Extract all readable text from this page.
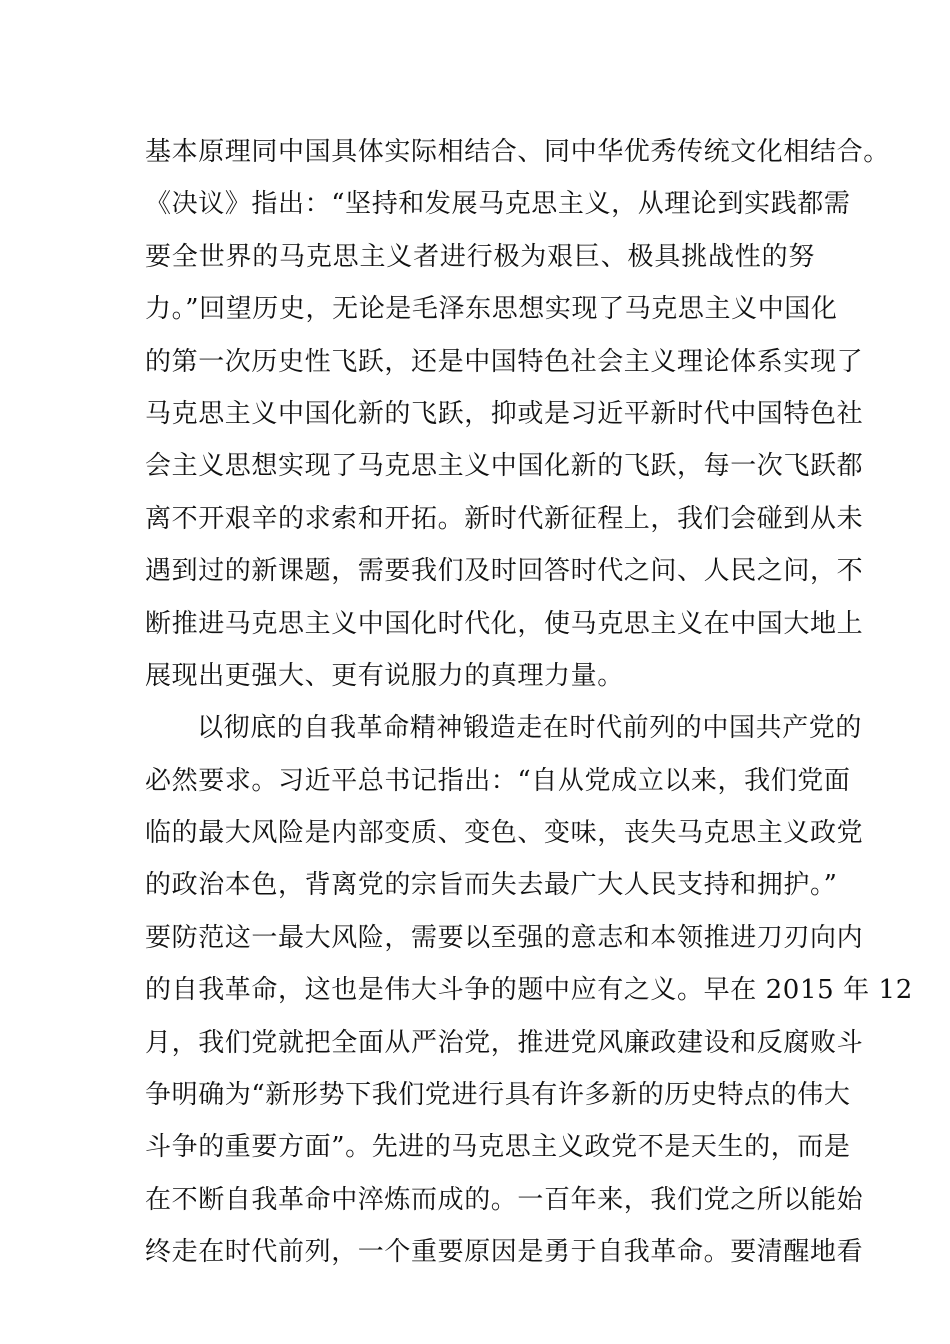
基本原理同中国具体实际相结合、同中华优秀传统文化相结合。
《决议》指出：“坚持和发展马克思主义，从理论到实践都需
要全世界的马克思主义者进行极为艰巨、极具挑战性的努
力。”回望历史，无论是毛泽东思想实现了马克思主义中国化
的第一次历史性飞跃，还是中国特色社会主义理论体系实现了
马克思主义中国化新的飞跃，抑或是习近平新时代中国特色社
会主义思想实现了马克思主义中国化新的飞跃，每一次飞跃都
离不开艰辛的求索和开拓。新时代新征程上，我们会碰到从未
遇到过的新课题，需要我们及时回答时代之问、人民之问，不
断推进马克思主义中国化时代化，使马克思主义在中国大地上
展现出更强大、更有说服力的真理力量。
以彻底的自我革命精神锻造走在时代前列的中国共产党的
必然要求。习近平总书记指出：“自从党成立以来，我们党面
临的最大风险是内部变质、变色、变味，丧失马克思主义政党
的政治本色，背离党的宗旨而失去最广大人民支持和拥护。”
要防范这一最大风险，需要以至强的意志和本领推进刀刃向内
的自我革命，这也是伟大斗争的题中应有之义。早在 2015 年 12
月，我们党就把全面从严治党，推进党风廉政建设和反腐败斗
争明确为“新形势下我们党进行具有许多新的历史特点的伟大
斗争的重要方面”。先进的马克思主义政党不是天生的，而是
在不断自我革命中淬炼而成的。一百年来，我们党之所以能始
终走在时代前列，一个重要原因是勇于自我革命。要清醒地看
